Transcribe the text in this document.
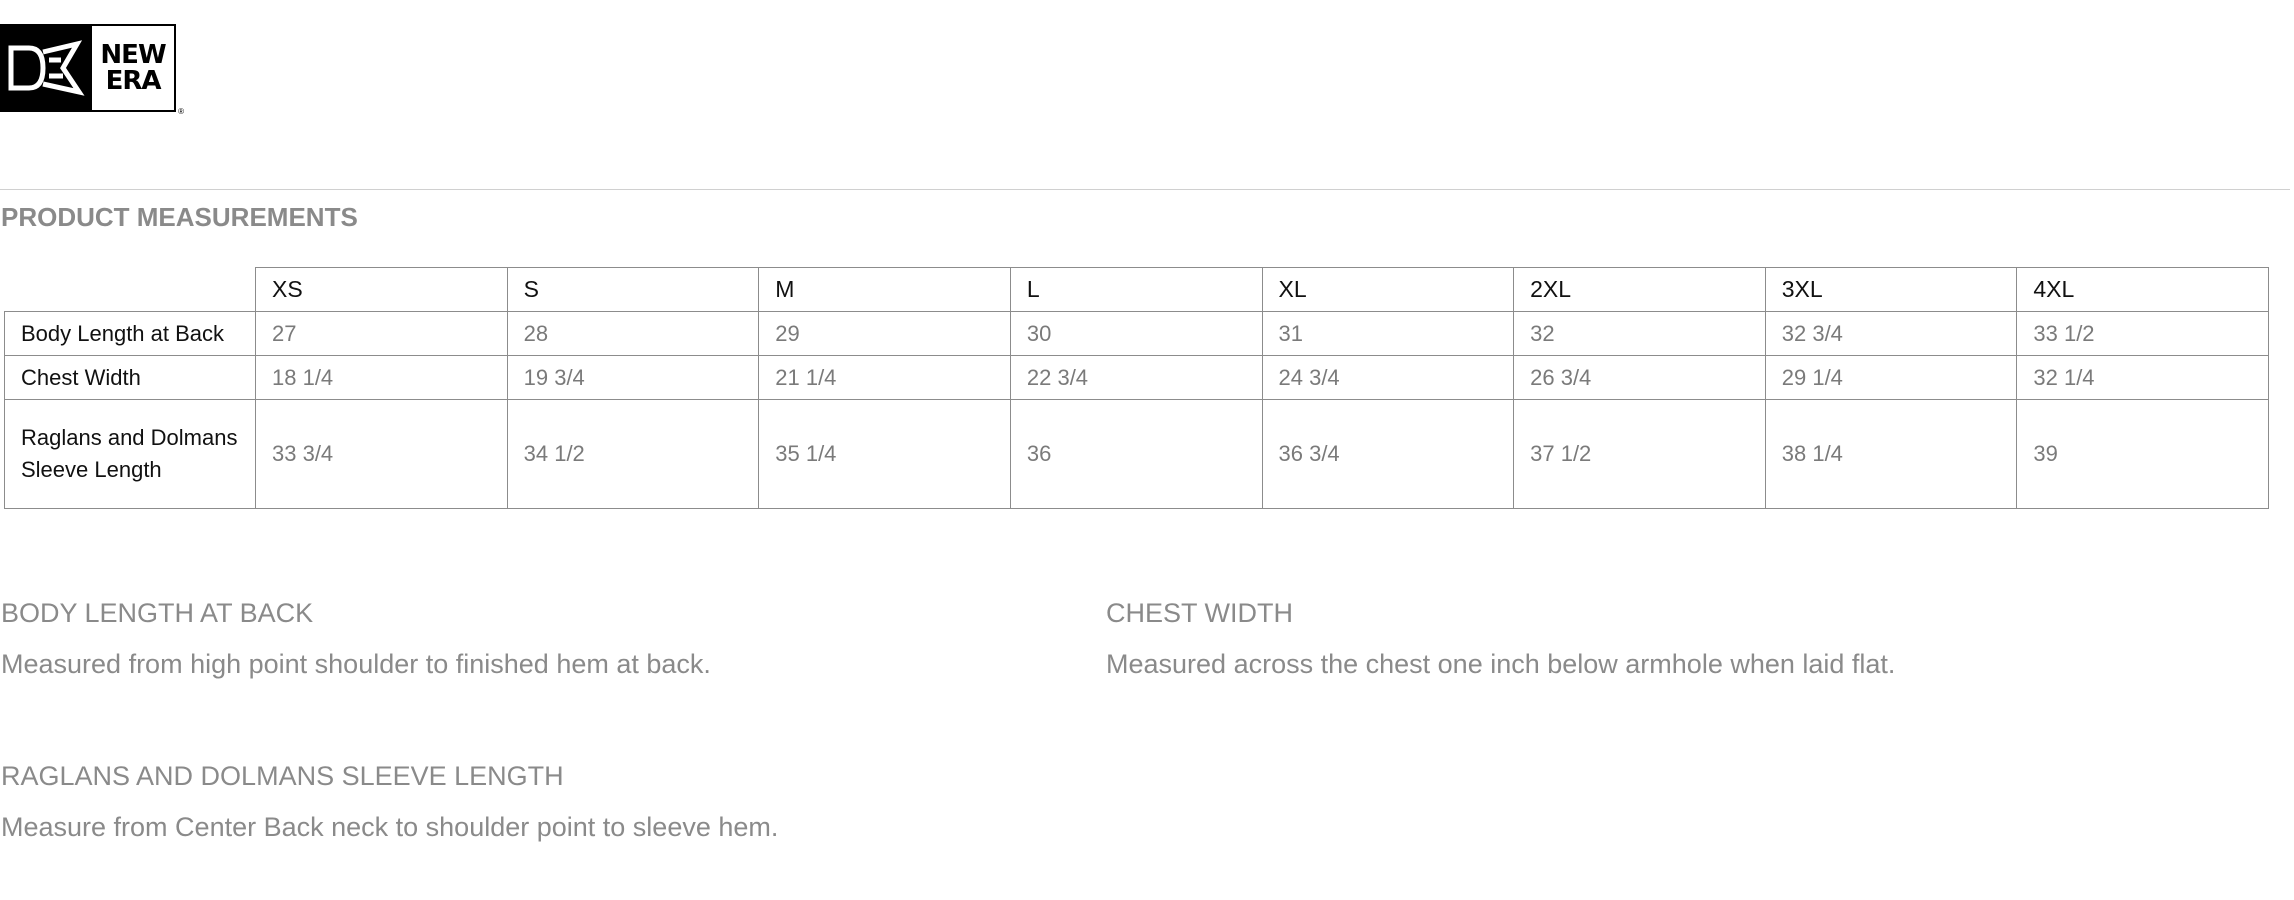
NEW
ERA
®
PRODUCT MEASUREMENTS
	XS	S	M	L	XL	2XL	3XL	4XL
Body Length at Back	27	28	29	30	31	32	32 3/4	33 1/2
Chest Width	18 1/4	19 3/4	21 1/4	22 3/4	24 3/4	26 3/4	29 1/4	32 1/4
Raglans and Dolmans Sleeve Length	33 3/4	34 1/2	35 1/4	36	36 3/4	37 1/2	38 1/4	39

BODY LENGTH AT BACK

Measured from high point shoulder to finished hem at back.

CHEST WIDTH

Measured across the chest one inch below armhole when laid flat.

RAGLANS AND DOLMANS SLEEVE LENGTH

Measure from Center Back neck to shoulder point to sleeve hem.
